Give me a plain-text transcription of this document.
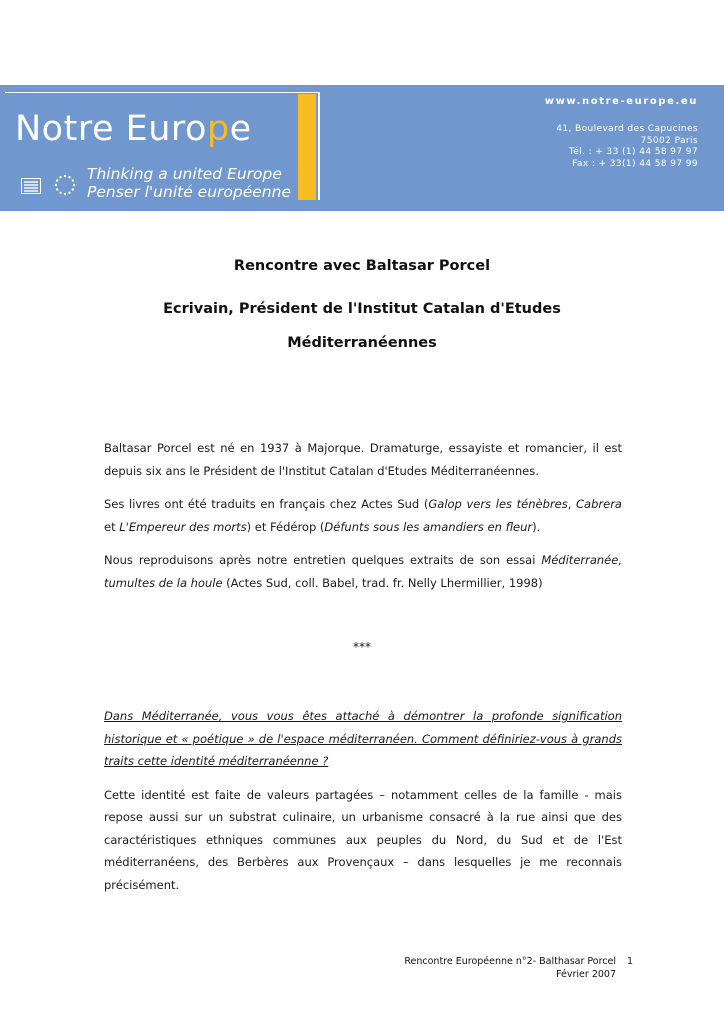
Notre Europe
Thinking a united Europe
Penser l'unité européenne
www.notre-europe.eu
41, Boulevard des Capucines
75002 Paris
Tél. : + 33 (1) 44 58 97 97
Fax : + 33(1) 44 58 97 99
Rencontre avec Baltasar Porcel
Ecrivain, Président de l'Institut Catalan d'Etudes
Méditerranéennes

Baltasar Porcel est né en 1937 à Majorque. Dramaturge, essayiste et romancier, il est depuis six ans le Président de l'Institut Catalan d'Etudes Méditerranéennes.

Ses livres ont été traduits en français chez Actes Sud (Galop vers les ténèbres, Cabrera et L'Empereur des morts) et Fédérop (Défunts sous les amandiers en fleur).

Nous reproduisons après notre entretien quelques extraits de son essai Méditerranée, tumultes de la houle (Actes Sud, coll. Babel, trad. fr. Nelly Lhermillier, 1998)

***

Dans Méditerranée, vous vous êtes attaché à démontrer la profonde signification historique et « poétique » de l'espace méditerranéen. Comment définiriez-vous à grands traits cette identité méditerranéenne ?

Cette identité est faite de valeurs partagées – notamment celles de la famille - mais repose aussi sur un substrat culinaire, un urbanisme consacré à la rue ainsi que des caractéristiques ethniques communes aux peuples du Nord, du Sud et de l'Est méditerranéens, des Berbères aux Provençaux – dans lesquelles je me reconnais précisément.

Rencontre Européenne n°2- Balthasar Porcel
Février 2007
1
